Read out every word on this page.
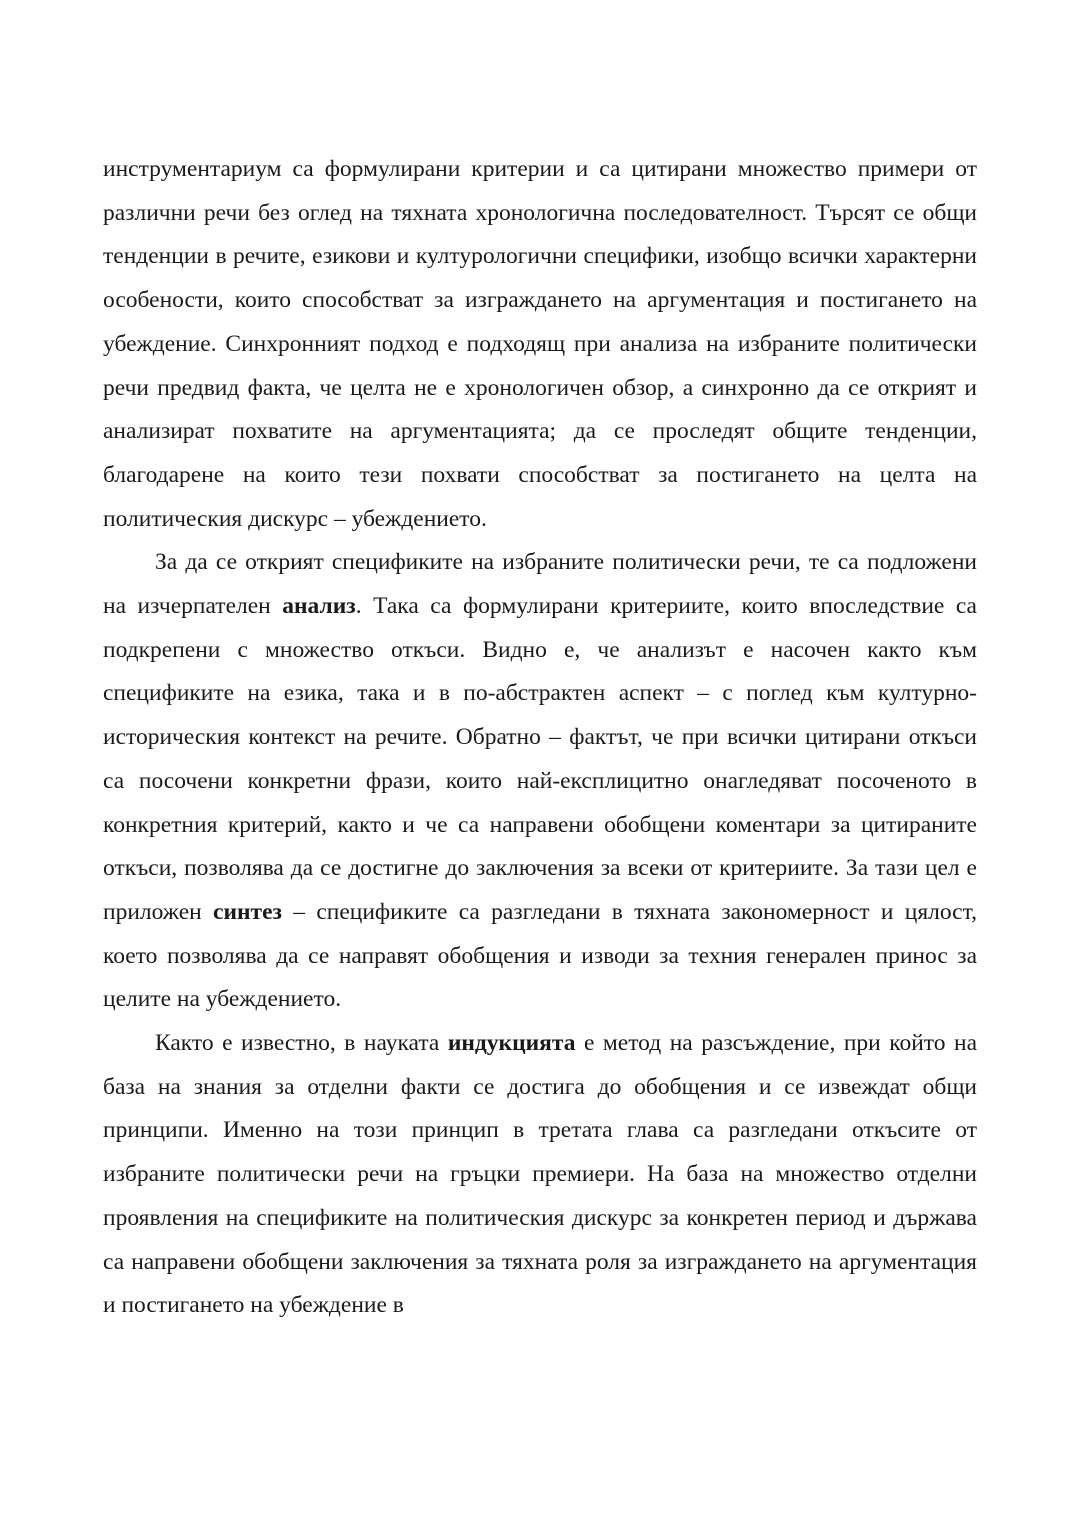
инструментариум са формулирани критерии и са цитирани множество примери от различни речи без оглед на тяхната хронологична последователност. Търсят се общи тенденции в речите, езикови и културологични специфики, изобщо всички характерни особености, които способстват за изграждането на аргументация и постигането на убеждение. Синхронният подход е подходящ при анализа на избраните политически речи предвид факта, че целта не е хронологичен обзор, а синхронно да се открият и анализират похватите на аргументацията; да се проследят общите тенденции, благодарене на които тези похвати способстват за постигането на целта на политическия дискурс – убеждението.

За да се открият спецификите на избраните политически речи, те са подложени на изчерпателен анализ. Така са формулирани критериите, които впоследствие са подкрепени с множество откъси. Видно е, че анализът е насочен както към спецификите на езика, така и в по-абстрактен аспект – с поглед към културно-историческия контекст на речите. Обратно – фактът, че при всички цитирани откъси са посочени конкретни фрази, които най-експлицитно онагледяват посоченото в конкретния критерий, както и че са направени обобщени коментари за цитираните откъси, позволява да се достигне до заключения за всеки от критериите. За тази цел е приложен синтез – спецификите са разгледани в тяхната закономерност и цялост, което позволява да се направят обобщения и изводи за техния генерален принос за целите на убеждението.

Както е известно, в науката индукцията е метод на разсъждение, при който на база на знания за отделни факти се достига до обобщения и се извеждат общи принципи. Именно на този принцип в третата глава са разгледани откъсите от избраните политически речи на гръцки премиери. На база на множество отделни проявления на спецификите на политическия дискурс за конкретен период и държава са направени обобщени заключения за тяхната роля за изграждането на аргументация и постигането на убеждение в
